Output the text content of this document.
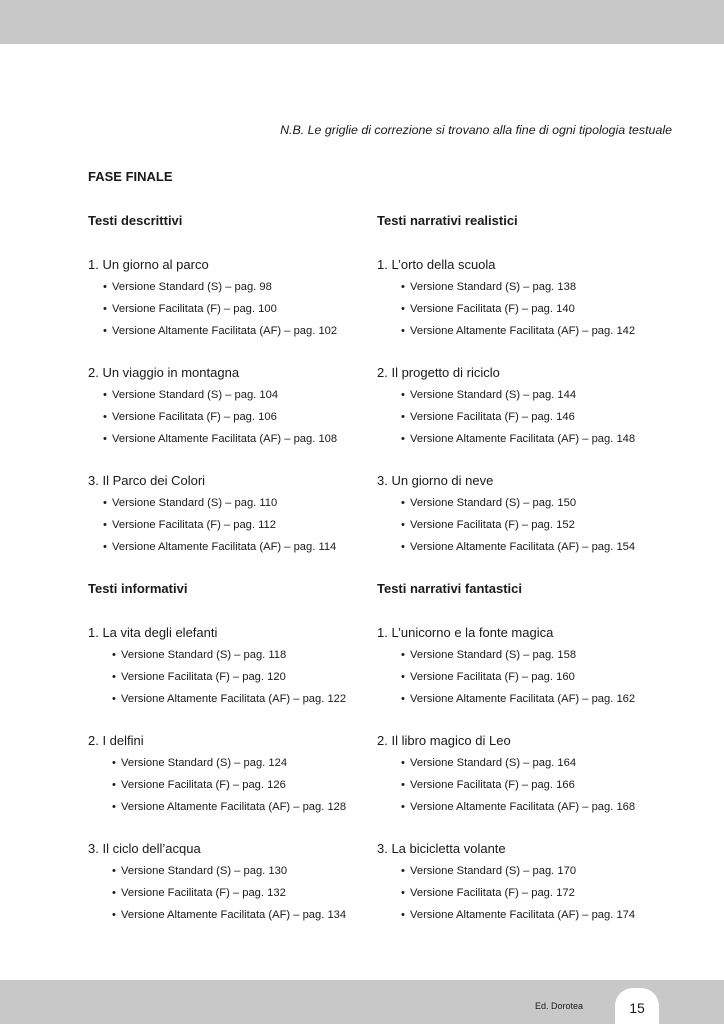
N.B. Le griglie di correzione si trovano alla fine di ogni tipologia testuale
FASE FINALE
Testi descrittivi
1. Un giorno al parco
• Versione Standard (S) – pag. 98
• Versione Facilitata (F) – pag. 100
• Versione Altamente Facilitata (AF) – pag. 102
2. Un viaggio in montagna
• Versione Standard (S) – pag. 104
• Versione Facilitata (F) – pag. 106
• Versione Altamente Facilitata (AF) – pag. 108
3. Il Parco dei Colori
• Versione Standard (S) – pag. 110
• Versione Facilitata (F) – pag. 112
• Versione Altamente Facilitata (AF) – pag. 114
Testi informativi
1. La vita degli elefanti
• Versione Standard (S) – pag. 118
• Versione Facilitata (F) – pag. 120
• Versione Altamente Facilitata (AF) – pag. 122
2. I delfini
• Versione Standard (S) – pag. 124
• Versione Facilitata (F) – pag. 126
• Versione Altamente Facilitata (AF) – pag. 128
3. Il ciclo dell’acqua
• Versione Standard (S) – pag. 130
• Versione Facilitata (F) – pag. 132
• Versione Altamente Facilitata (AF) – pag. 134
Testi narrativi realistici
1. L’orto della scuola
• Versione Standard (S) – pag. 138
• Versione Facilitata (F) – pag. 140
• Versione Altamente Facilitata (AF) – pag. 142
2. Il progetto di riciclo
• Versione Standard (S) – pag. 144
• Versione Facilitata (F) – pag. 146
• Versione Altamente Facilitata (AF) – pag. 148
3. Un giorno di neve
• Versione Standard (S) – pag. 150
• Versione Facilitata (F) – pag. 152
• Versione Altamente Facilitata (AF) – pag. 154
Testi narrativi fantastici
1. L’unicorno e la fonte magica
• Versione Standard (S) – pag. 158
• Versione Facilitata (F) – pag. 160
• Versione Altamente Facilitata (AF) – pag. 162
2. Il libro magico di Leo
• Versione Standard (S) – pag. 164
• Versione Facilitata (F) – pag. 166
• Versione Altamente Facilitata (AF) – pag. 168
3. La bicicletta volante
• Versione Standard (S) – pag. 170
• Versione Facilitata (F) – pag. 172
• Versione Altamente Facilitata (AF) – pag. 174
Ed. Dorotea	15
